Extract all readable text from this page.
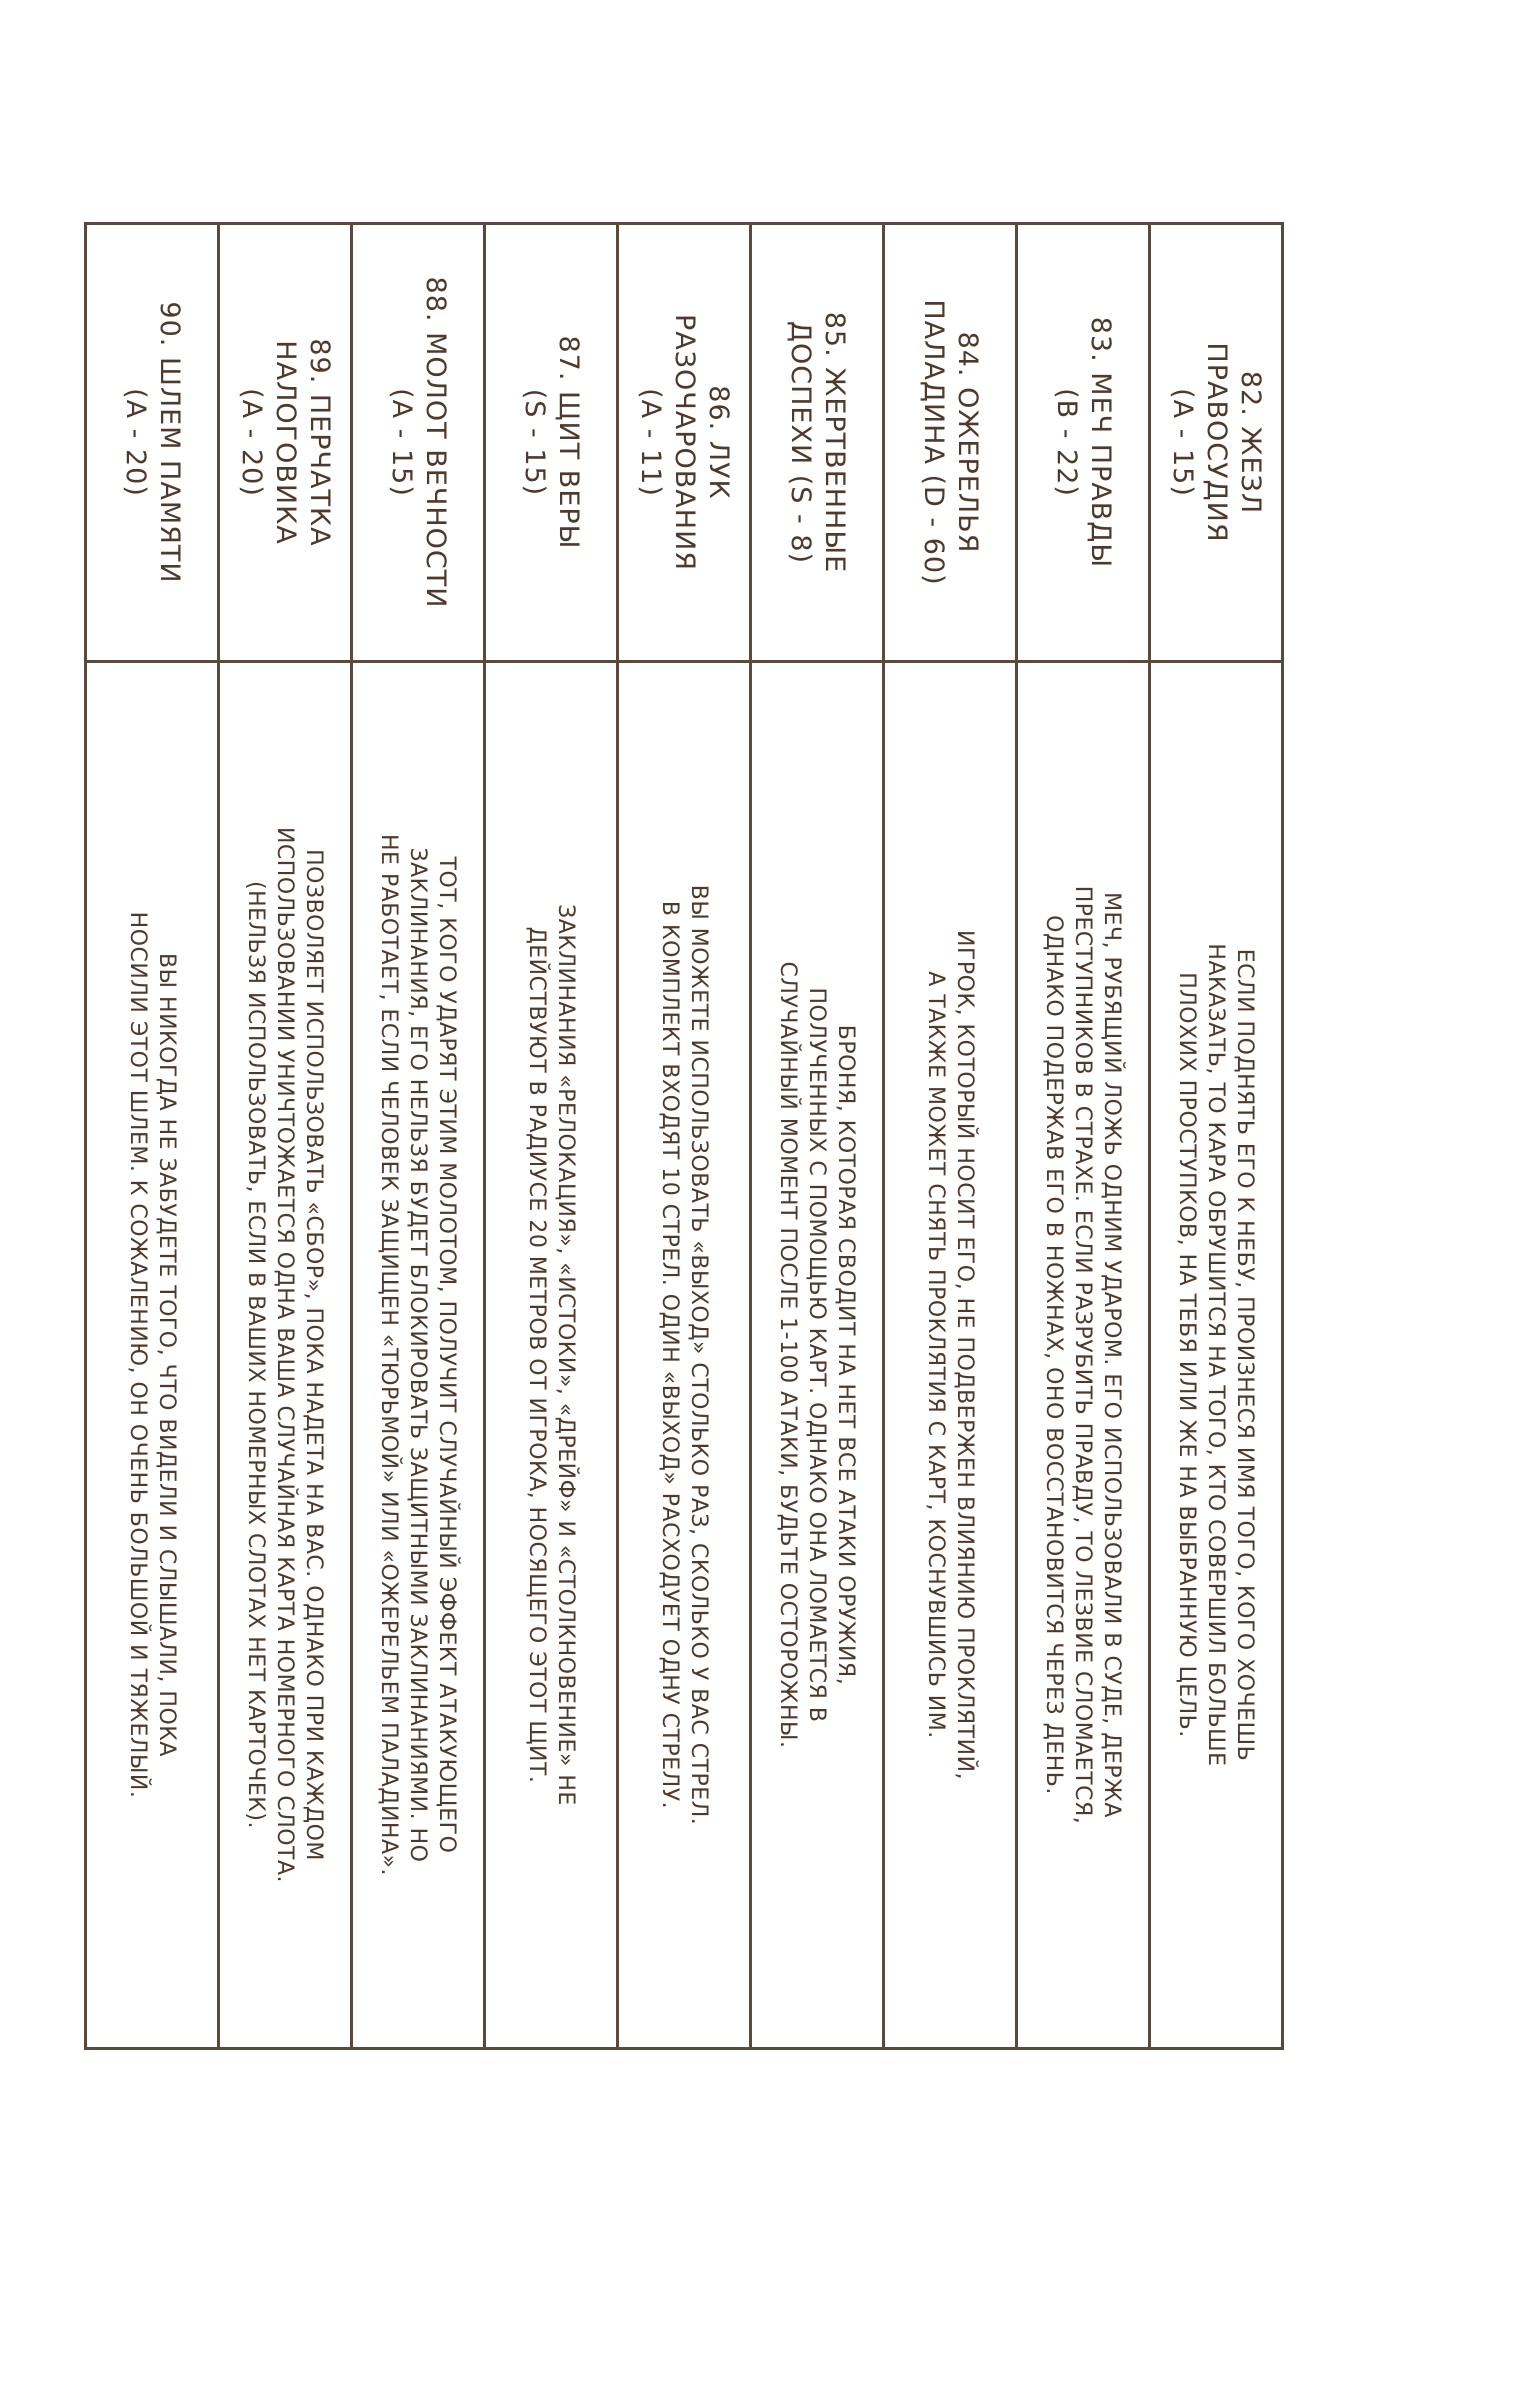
82. ЖЕЗЛ
ПРАВОСУДИЯ
(A - 15)
ЕСЛИ ПОДНЯТЬ ЕГО К НЕБУ, ПРОИЗНЕСЯ ИМЯ ТОГО, КОГО ХОЧЕШЬ
НАКАЗАТЬ, ТО КАРА ОБРУШИТСЯ НА ТОГО, КТО СОВЕРШИЛ БОЛЬШЕ
ПЛОХИХ ПРОСТУПКОВ, НА ТЕБЯ ИЛИ ЖЕ НА ВЫБРАННУЮ ЦЕЛЬ.
83. МЕЧ ПРАВДЫ
(B - 22)
МЕЧ, РУБЯЩИЙ ЛОЖЬ ОДНИМ УДАРОМ. ЕГО ИСПОЛЬЗОВАЛИ В СУДЕ, ДЕРЖА
ПРЕСТУПНИКОВ В СТРАХЕ. ЕСЛИ РАЗРУБИТЬ ПРАВДУ, ТО ЛЕЗВИЕ СЛОМАЕТСЯ,
ОДНАКО ПОДЕРЖАВ ЕГО В НОЖНАХ, ОНО ВОССТАНОВИТСЯ ЧЕРЕЗ ДЕНЬ.
84. ОЖЕРЕЛЬЯ
ПАЛАДИНА (D - 60)
ИГРОК, КОТОРЫЙ НОСИТ ЕГО, НЕ ПОДВЕРЖЕН ВЛИЯНИЮ ПРОКЛЯТИЙ,
А ТАКЖЕ МОЖЕТ СНЯТЬ ПРОКЛЯТИЯ С КАРТ, КОСНУВШИСЬ ИМ.
85. ЖЕРТВЕННЫЕ
ДОСПЕХИ (S - 8)
БРОНЯ, КОТОРАЯ СВОДИТ НА НЕТ ВСЕ АТАКИ ОРУЖИЯ,
ПОЛУЧЕННЫХ С ПОМОЩЬЮ КАРТ. ОДНАКО ОНА ЛОМАЕТСЯ В
СЛУЧАЙНЫЙ МОМЕНТ ПОСЛЕ 1-100 АТАКИ, БУДЬТЕ ОСТОРОЖНЫ.
86. ЛУК
РАЗОЧАРОВАНИЯ
(A - 11)
ВЫ МОЖЕТЕ ИСПОЛЬЗОВАТЬ «ВЫХОД» СТОЛЬКО РАЗ, СКОЛЬКО У ВАС СТРЕЛ.
В КОМПЛЕКТ ВХОДЯТ 10 СТРЕЛ. ОДИН «ВЫХОД» РАСХОДУЕТ ОДНУ СТРЕЛУ.
87. ЩИТ ВЕРЫ
(S - 15)
ЗАКЛИНАНИЯ «РЕЛОКАЦИЯ», «ИСТОКИ», «ДРЕЙФ» И «СТОЛКНОВЕНИЕ» НЕ
ДЕЙСТВУЮТ В РАДИУСЕ 20 МЕТРОВ ОТ ИГРОКА, НОСЯЩЕГО ЭТОТ ЩИТ.
88. МОЛОТ ВЕЧНОСТИ
(A - 15)
ТОТ, КОГО УДАРЯТ ЭТИМ МОЛОТОМ, ПОЛУЧИТ СЛУЧАЙНЫЙ ЭФФЕКТ АТАКУЮЩЕГО
ЗАКЛИНАНИЯ, ЕГО НЕЛЬЗЯ БУДЕТ БЛОКИРОВАТЬ ЗАЩИТНЫМИ ЗАКЛИНАНИЯМИ. НО
НЕ РАБОТАЕТ, ЕСЛИ ЧЕЛОВЕК ЗАЩИЩЕН «ТЮРЬМОЙ» ИЛИ «ОЖЕРЕЛЬЕМ ПАЛАДИНА».
89. ПЕРЧАТКА
НАЛОГОВИКА
(A - 20)
ПОЗВОЛЯЕТ ИСПОЛЬЗОВАТЬ «СБОР», ПОКА НАДЕТА НА ВАС. ОДНАКО ПРИ КАЖДОМ
ИСПОЛЬЗОВАНИИ УНИЧТОЖАЕТСЯ ОДНА ВАША СЛУЧАЙНАЯ КАРТА НОМЕРНОГО СЛОТА.
(НЕЛЬЗЯ ИСПОЛЬЗОВАТЬ, ЕСЛИ В ВАШИХ НОМЕРНЫХ СЛОТАХ НЕТ КАРТОЧЕК).
90. ШЛЕМ ПАМЯТИ
(A - 20)
ВЫ НИКОГДА НЕ ЗАБУДЕТЕ ТОГО, ЧТО ВИДЕЛИ И СЛЫШАЛИ, ПОКА
НОСИЛИ ЭТОТ ШЛЕМ. К СОЖАЛЕНИЮ, ОН ОЧЕНЬ БОЛЬШОЙ И ТЯЖЕЛЫЙ.
